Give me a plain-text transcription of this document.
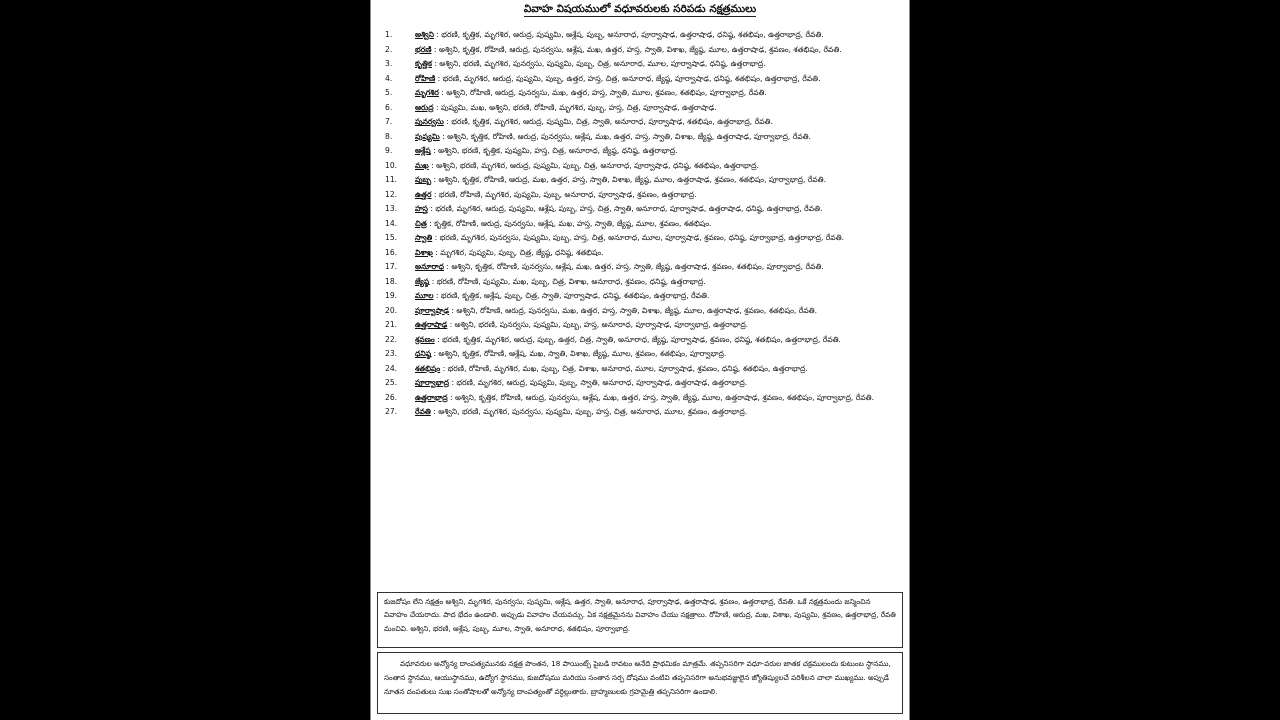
వివాహ విషయములో వధూవరులకు సరిపడు నక్షత్రములు
1.	అశ్విని : భరణి, కృత్తిక, మృగశిర, ఆరుద్ర, పుష్యమి, ఆశ్లేష, పుబ్బ, అనూరాధ, పూర్వాషాఢ, ఉత్తరాషాఢ, ధనిష్ఠ, శతభిషం, ఉత్తరాభాద్ర, రేవతి.
2.	భరణి : అశ్విని, కృత్తిక, రోహిణి, ఆరుద్ర, పునర్వసు, ఆశ్లేష, మఖ, ఉత్తర, హస్త, స్వాతి, విశాఖ, జ్యేష్ఠ, మూల, ఉత్తరాషాఢ, శ్రవణం, శతభిషం, రేవతి.
3.	కృత్తిక : అశ్విని, భరణి, మృగశిర, పునర్వసు, పుష్యమి, పుబ్బ, చిత్ర, అనూరాధ, మూల, పూర్వాషాఢ, ధనిష్ఠ, ఉత్తరాభాద్ర.
4.	రోహిణి : భరణి, మృగశిర, ఆరుద్ర, పుష్యమి, పుబ్బ, ఉత్తర, హస్త, చిత్ర, అనూరాధ, జ్యేష్ఠ, పూర్వాషాఢ, ధనిష్ఠ, శతభిషం, ఉత్తరాభాద్ర, రేవతి.
5.	మృగశిర : అశ్విని, రోహిణి, ఆరుద్ర, పునర్వసు, మఖ, ఉత్తర, హస్త, స్వాతి, మూల, శ్రవణం, శతభిషం, పూర్వాభాద్ర, రేవతి.
6.	ఆరుద్ర : పుష్యమి, మఖ, అశ్విని, భరణి, రోహిణి, మృగశిర, పుబ్బ, హస్త, చిత్ర, పూర్వాషాఢ, ఉత్తరాషాఢ.
7.	పునర్వసు : భరణి, కృత్తిక, మృగశిర, ఆరుద్ర, పుష్యమి, చిత్ర, స్వాతి, అనూరాధ, పూర్వాషాఢ, శతభిషం, ఉత్తరాభాద్ర, రేవతి.
8.	పుష్యమి : అశ్విని, కృత్తిక, రోహిణి, ఆరుద్ర, పునర్వసు, ఆశ్లేష, మఖ, ఉత్తర, హస్త, స్వాతి, విశాఖ, జ్యేష్ఠ, ఉత్తరాషాఢ, పూర్వాభాద్ర, రేవతి.
9.	ఆశ్లేష : అశ్విని, భరణి, కృత్తిక, పుష్యమి, హస్త, చిత్ర, అనూరాధ, జ్యేష్ఠ, ధనిష్ఠ, ఉత్తరాభాద్ర.
10.	మఖ : అశ్విని, భరణి, మృగశిర, ఆరుద్ర, పుష్యమి, పుబ్బ, చిత్ర, అనూరాధ, పూర్వాషాఢ, ధనిష్ఠ, శతభిషం, ఉత్తరాభాద్ర.
11.	పుబ్బ : అశ్విని, కృత్తిక, రోహిణి, ఆరుద్ర, మఖ, ఉత్తర, హస్త, స్వాతి, విశాఖ, జ్యేష్ఠ, మూల, ఉత్తరాషాఢ, శ్రవణం, శతభిషం, పూర్వాభాద్ర, రేవతి.
12.	ఉత్తర : భరణి, రోహిణి, మృగశిర, పుష్యమి, పుబ్బ, అనూరాధ, పూర్వాషాఢ, శ్రవణం, ఉత్తరాభాద్ర.
13.	హస్త : భరణి, మృగశిర, ఆరుద్ర, పుష్యమి, ఆశ్లేష, పుబ్బ, హస్త, చిత్ర, స్వాతి, అనూరాధ, పూర్వాషాఢ, ఉత్తరాషాఢ, ధనిష్ఠ, ఉత్తరాభాద్ర, రేవతి.
14.	చిత్ర : కృత్తిక, రోహిణి, ఆరుద్ర, పునర్వసు, ఆశ్లేష, మఖ, హస్త, స్వాతి, జ్యేష్ఠ, మూల, శ్రవణం, శతభిషం.
15.	స్వాతి : భరణి, మృగశిర, పునర్వసు, పుష్యమి, పుబ్బ, హస్త, చిత్ర, అనూరాధ, మూల, పూర్వాషాఢ, శ్రవణం, ధనిష్ఠ, పూర్వాభాద్ర, ఉత్తరాభాద్ర, రేవతి.
16.	విశాఖ : మృగశిర, పుష్యమి, పుబ్బ, చిత్ర, జ్యేష్ఠ, ధనిష్ఠ, శతభిషం.
17.	అనూరాధ : అశ్విని, కృత్తిక, రోహిణి, పునర్వసు, ఆశ్లేష, మఖ, ఉత్తర, హస్త, స్వాతి, జ్యేష్ఠ, ఉత్తరాషాఢ, శ్రవణం, శతభిషం, పూర్వాభాద్ర, రేవతి.
18.	జ్యేష్ఠ : భరణి, రోహిణి, పుష్యమి, మఖ, పుబ్బ, చిత్ర, విశాఖ, అనూరాధ, శ్రవణం, ధనిష్ఠ, ఉత్తరాభాద్ర.
19.	మూల : భరణి, కృత్తిక, ఆశ్లేష, పుబ్బ, చిత్ర, స్వాతి, పూర్వాషాఢ, ధనిష్ఠ, శతభిషం, ఉత్తరాభాద్ర, రేవతి.
20.	పూర్వాషాఢ : అశ్విని, రోహిణి, ఆరుద్ర, పునర్వసు, మఖ, ఉత్తర, హస్త, స్వాతి, విశాఖ, జ్యేష్ఠ, మూల, ఉత్తరాషాఢ, శ్రవణం, శతభిషం, రేవతి.
21.	ఉత్తరాషాఢ : అశ్విని, భరణి, పునర్వసు, పుష్యమి, పుబ్బ, హస్త, అనూరాధ, పూర్వాషాఢ, పూర్వాభాద్ర, ఉత్తరాభాద్ర.
22.	శ్రవణం : భరణి, కృత్తిక, మృగశిర, ఆరుద్ర, పుబ్బ, ఉత్తర, చిత్ర, స్వాతి, అనూరాధ, జ్యేష్ఠ, పూర్వాషాఢ, శ్రవణం, ధనిష్ఠ, శతభిషం, ఉత్తరాభాద్ర, రేవతి.
23.	ధనిష్ఠ : అశ్విని, కృత్తిక, రోహిణి, ఆశ్లేష, మఖ, స్వాతి, విశాఖ, జ్యేష్ఠ, మూల, శ్రవణం, శతభిషం, పూర్వాభాద్ర.
24.	శతభిషం : భరణి, రోహిణి, మృగశిర, మఖ, పుబ్బ, చిత్ర, విశాఖ, అనూరాధ, మూల, పూర్వాషాఢ, శ్రవణం, ధనిష్ఠ, శతభిషం, ఉత్తరాభాద్ర.
25.	పూర్వాభాద్ర : భరణి, మృగశిర, ఆరుద్ర, పుష్యమి, పుబ్బ, స్వాతి, అనూరాధ, పూర్వాషాఢ, ఉత్తరాషాఢ, ఉత్తరాభాద్ర.
26.	ఉత్తరాభాద్ర : అశ్విని, కృత్తిక, రోహిణి, ఆరుద్ర, పునర్వసు, ఆశ్లేష, మఖ, ఉత్తర, హస్త, స్వాతి, జ్యేష్ఠ, మూల, ఉత్తరాషాఢ, శ్రవణం, శతభిషం, పూర్వాభాద్ర, రేవతి.
27.	రేవతి : అశ్విని, భరణి, మృగశిర, పునర్వసు, పుష్యమి, పుబ్బ, హస్త, చిత్ర, అనూరాధ, మూల, శ్రవణం, ఉత్తరాభాద్ర.
కుజదోషం లేని నక్షత్రం అశ్విని, మృగశిర, పునర్వసు, పుష్యమి, ఆశ్లేష, ఉత్తర, స్వాతి, అనూరాధ, పూర్వాషాఢ, ఉత్తరాషాఢ, శ్రవణం, ఉత్తరాభాద్ర, రేవతి. ఒకే నక్షత్రమందు జన్మించిన వివాహం చేయరాదు. పాద భేదం ఉండాలి. అప్పుడు వివాహం చేయవచ్చు. ఏక నక్షత్రమైనను వివాహం చేయు నక్షత్రాలు. రోహిణి, ఆరుద్ర, మఖ, విశాఖ, పుష్యమి, శ్రవణం, ఉత్తరాభాద్ర, రేవతి మంచివి. అశ్విని, భరణి, ఆశ్లేష, పుబ్బ, మూల, స్వాతి, అనూరాధ, శతభిషం, పూర్వాభాద్ర.
వధూవరుల అన్యోన్య దాంపత్యమునకు నక్షత్ర పొంతన, 18 పాయింట్స్ పైబడి రావటం అనేది ప్రాథమికం మాత్రమే. తప్పనిసరిగా వధూ-వరుల జాతక చక్రములందు కుటుంబ స్థానము, సంతాన స్థానము, ఆయుస్థానము, ఉద్యోగ స్థానము, కుజదోషము మరియు సంతాన సర్ప దోషము వంటివి తప్పనిసరిగా అనుభవజ్ఞులైన జ్యోతిష్యులచే పరిశీలన చాలా ముఖ్యము. అప్పుడే నూతన దంపతులు సుఖ సంతోషాలతో అన్యోన్య దాంపత్యంతో వర్ధిల్లుతారు. బ్రాహ్మణులకు గ్రహమైత్రి తప్పనిసరిగా ఉండాలి.
